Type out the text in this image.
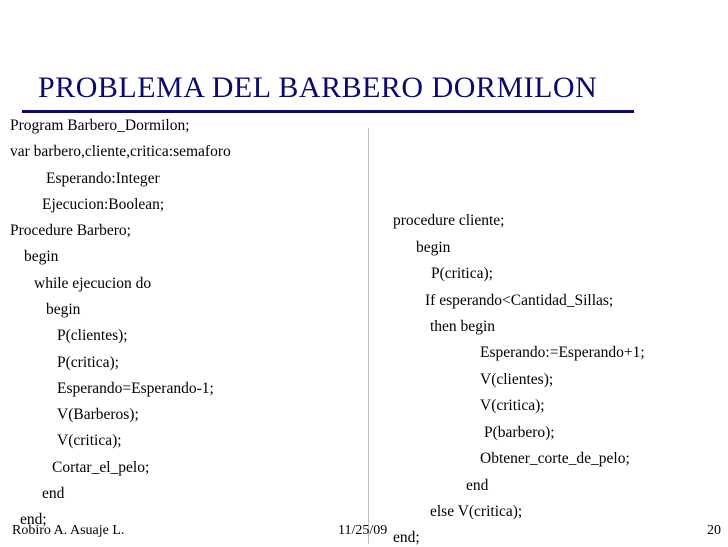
PROBLEMA DEL BARBERO DORMILON
Program Barbero_Dormilon;
var barbero,cliente,critica:semaforo
Esperando:Integer
Ejecucion:Boolean;
Procedure Barbero;
begin
while ejecucion do
begin
P(clientes);
P(critica);
Esperando=Esperando-1;
V(Barberos);
V(critica);
Cortar_el_pelo;
end
end;
procedure cliente;
begin
P(critica);
If esperando<Cantidad_Sillas;
then begin
Esperando:=Esperando+1;
V(clientes);
V(critica);
P(barbero);
Obtener_corte_de_pelo;
end
else V(critica);
end;
Robiro A. Asuaje L.	11/25/09	20
